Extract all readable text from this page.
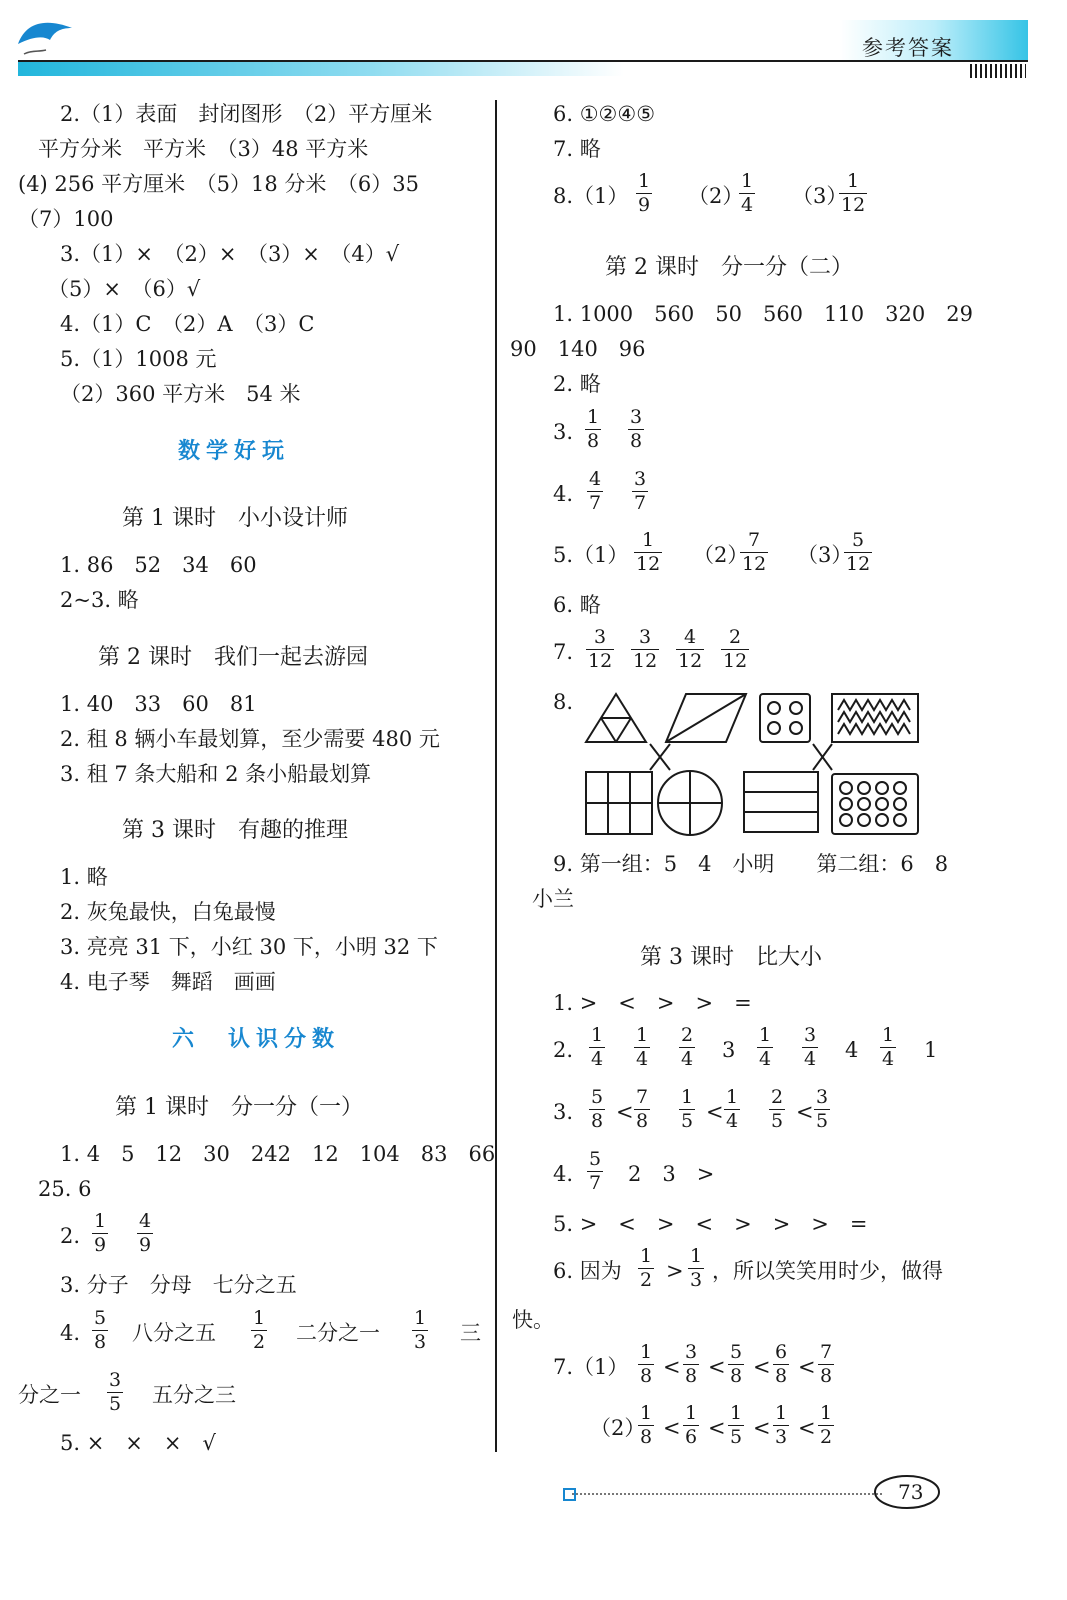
参考答案
2.（1）表面　封闭图形　（2）平方厘米
平方分米　平方米　（3）48 平方米
(4) 256 平方厘米　（5）18 分米　（6）35
（7）100
3.（1）×　（2）×　（3）×　（4）√
（5）×　（6）√
4.（1）C　（2）A　（3）C
5.（1）1008 元
（2）360 平方米　54 米
数学好玩
第 1 课时　小小设计师
1. 86　52　34　60
2~3. 略
第 2 课时　我们一起去游园
1. 40　33　60　81
2. 租 8 辆小车最划算，至少需要 480 元
3. 租 7 条大船和 2 条小船最划算
第 3 课时　有趣的推理
1. 略
2. 灰兔最快，白兔最慢
3. 亮亮 31 下，小红 30 下，小明 32 下
4. 电子琴　舞蹈　画画
六　认识分数
第 1 课时　分一分（一）
1. 4　5　12　30　242　12　104　83　66
25. 6
2. $\frac{1}{9} \frac{4}{9}$
3. 分子　分母　七分之五
4. $\frac{5}{8}$ 八分之五 $\frac{1}{2}$ 二分之一 $\frac{1}{3}$ 三
分之一 $\frac{3}{5}$ 五分之三
5. ×　×　×　√
6. ①②④⑤
7. 略
$8.(1) \frac{1}{9} (2)$
$\frac{1}{4} (3)$
$\frac{1}{12}$
第 2 课时　分一分（二）
1. 1000　560　50　560　110　320　29
90　140　96
2. 略
3. $\frac{1}{8} \frac{3}{8}$
4. $\frac{4}{7} \frac{3}{7}$
$5.(1) \frac{1}{12} (2)$
$\frac{7}{12} (3)$
$\frac{5}{12}$
6. 略
7. $\frac{3}{12} \frac{3}{12} \frac{4}{12} \frac{2}{12}$
8.
9. 第一组：5　4　小明　　第二组：6　8
小兰
第 3 课时　比大小
1. >　<　>　>　=
2. $\frac{1}{4} \frac{1}{4} \frac{2}{4} 3 \frac{1}{4} \frac{3}{4} 4 \frac{1}{4} 1$
3. $\frac{5}{8} < \frac{7}{8} \frac{1}{5} < \frac{1}{4} \frac{2}{5} < \frac{3}{5}$
4. $\frac{5}{7} 2$　3　>
5. >　<　>　<　>　>　>　=
6. 因为 $\frac{1}{2} > \frac{1}{3}$ ，所以笑笑用时少，做得
快。
$7.(1) \frac{1}{8} < \frac{3}{8} < \frac{5}{8} < \frac{6}{8} < \frac{7}{8}$
（2）
$\frac{1}{8} < \frac{1}{6} < \frac{1}{5} < \frac{1}{3} < \frac{1}{2}$
73
